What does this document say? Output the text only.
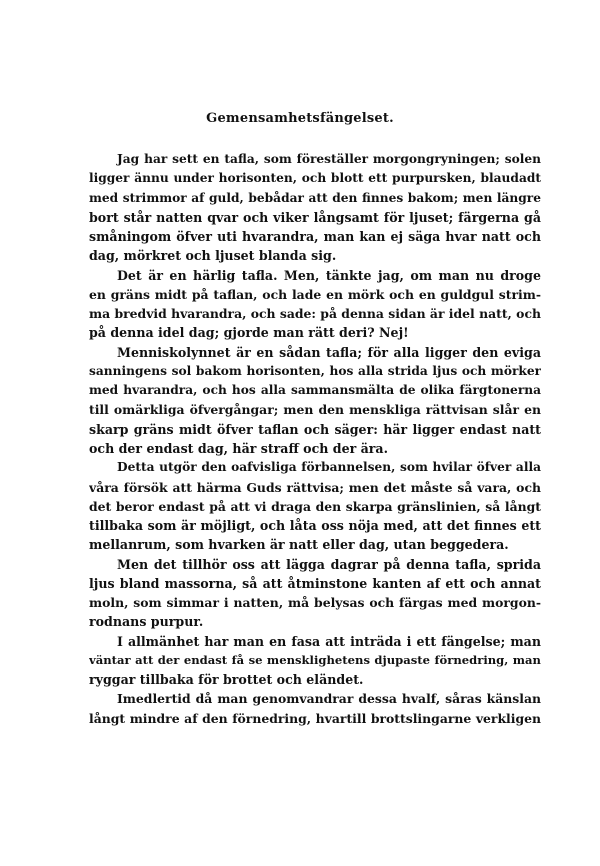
Gemensamhetsfängelset.
Jag har sett en tafla, som föreställer morgongryningen; solen
ligger ännu under horisonten, och blott ett purpursken, blaudadt
med strimmor af guld, bebådar att den finnes bakom; men längre
bort står natten qvar och viker långsamt för ljuset; färgerna gå
småningom öfver uti hvarandra, man kan ej säga hvar natt och
dag, mörkret och ljuset blanda sig.
Det är en härlig tafla. Men, tänkte jag, om man nu droge
en gräns midt på taflan, och lade en mörk och en guldgul strim-
ma bredvid hvarandra, och sade: på denna sidan är idel natt, och
på denna idel dag; gjorde man rätt deri? Nej!
Menniskolynnet är en sådan tafla; för alla ligger den eviga
sanningens sol bakom horisonten, hos alla strida ljus och mörker
med hvarandra, och hos alla sammansmälta de olika färgtonerna
till omärkliga öfvergångar; men den menskliga rättvisan slår en
skarp gräns midt öfver taflan och säger: här ligger endast natt
och der endast dag, här straff och der ära.
Detta utgör den oafvisliga förbannelsen, som hvilar öfver alla
våra försök att härma Guds rättvisa; men det måste så vara, och
det beror endast på att vi draga den skarpa gränslinien, så långt
tillbaka som är möjligt, och låta oss nöja med, att det finnes ett
mellanrum, som hvarken är natt eller dag, utan beggedera.
Men det tillhör oss att lägga dagrar på denna tafla, sprida
ljus bland massorna, så att åtminstone kanten af ett och annat
moln, som simmar i natten, må belysas och färgas med morgon-
rodnans purpur.
I allmänhet har man en fasa att inträda i ett fängelse; man
väntar att der endast få se mensklighetens djupaste förnedring, man
ryggar tillbaka för brottet och eländet.
Imedlertid då man genomvandrar dessa hvalf, såras känslan
långt mindre af den förnedring, hvartill brottslingarne verkligen
